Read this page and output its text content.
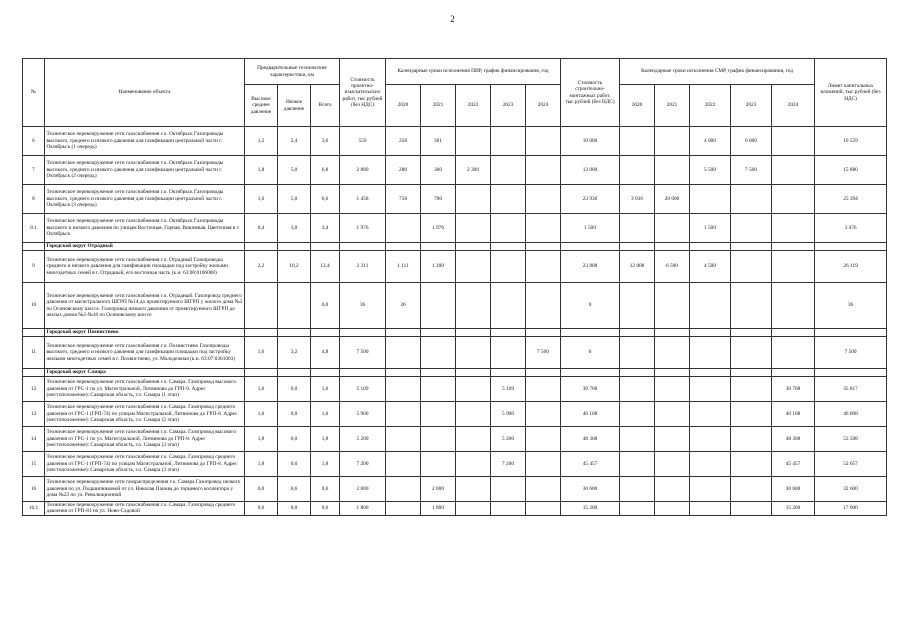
2
№	Наименование объекта	Предварительные технические характеристики, км			Стоимость проектно-изыскательских работ, тыс.рублей (без НДС)	Календарные сроки исполнения ПИР, график финансирования, год					Стоимость строительно-монтажных работ, тыс.рублей (без НДС)	Календарные сроки исполнения СМР, график финансирования, год					Лимит капитальных вложений, тыс.рублей (без НДС)
		Высокое среднее давление	Низкое давление	Всего		2020	2021	2022	2023	2024		2020	2021	2022	2023	2024	
6	Техническое перевооружение сети газоснабжения г.о. Октябрьск Газопроводы высокого, среднего и низкого давления для газификации центральной части г. Октябрьск (1 очередь)	1,2	2,4	3,6	559	258	301				10 000			4 000	6 000		10 559
7	Техническое перевооружение сети газоснабжения г.о. Октябрьск Газопроводы высокого, среднего и низкого давления для газификации центральной части г. Октябрьск (2 очередь)	1,8	5,0	6,8	2 880	280	300	2 300			13 000			5 500	7 500		15 880
8	Техническое перевооружение сети газоснабжения г.о. Октябрьск Газопроводы высокого, среднего и низкого давления для газификации центральной части г. Октябрьск (3 очередь)	1,6	5,0	6,6	1 458	758	700				23 936	3 936	20 000				25 394
8.1	Техническое перевооружение сети газоснабжения г.о. Октябрьск Газопроводы высокого и низкого давления по улицам Восточная, Горная, Вишневая, Цветочная в г. Октябрьск	0,4	3,0	3,4	1 976		1 976				1 500			1 500			3 476
	Городской округ Отрадный																
9	Техническое перевооружение сети газоснабжения г.о. Отрадный Газопроводы среднего и низкого давления для газификации площадки под застройку жилыми многодетных семей в г. Отрадный, его восточная часть (к.н. 63:06:0106008)	2,2	10,2	12,4	2 311	1 111	1 200				23 808	12 808	6 500	4 500			26 119
10	Техническое перевооружение сети газоснабжения г.о. Отрадный. Газопровод среднего давления от магистрального ШГРП №14 до проектируемого ШГРП у жилого дома №3 по Осиновскому шоссе. Газопровод низкого давления от проектируемого ШГРП до жилых домов №2-№18 по Осиновскому шоссе			0,0	36	36					0						36
	Городской округ Похвистнево																
11	Техническое перевооружение сети газоснабжения г.о. Похвистнево Газопроводы высокого, среднего и низкого давления для газификации площадки под застройку жилыми многодетных семей в г. Похвистнево, ул. Молодежная (к.н. 63:07:0301003)	1,6	3,2	4,8	7 500					7 500	0						7 500
	Городской округ Самара																
12	Техническое перевооружение сети газоснабжения г.о. Самара. Газопровод высокого давления от ГРС-1 по ул. Магистральной, Литвинова до ГРП-9. Адрес (местоположение): Самарская область, г.о. Самара (1 этап)	1,6	0,0	1,6	5 109				5 109		30 708					30 708	35 817
13	Техническое перевооружение сети газоснабжения г.о. Самара. Газопровод среднего давления от ГРС-1 (ГРП-74) по улицам Магистральной, Литвинова до ГРП-8. Адрес (местоположение): Самарская область, г.о. Самара (2 этап)	1,6	0,0	1,6	5 900				5 900		40 108					40 108	46 008
14	Техническое перевооружение сети газоснабжения г.о. Самара. Газопровод высокого давления от ГРС-1 по ул. Магистральной, Литвинова до ГРП-8. Адрес (местоположение): Самарская область, г.о. Самара (3 этап)	1,8	0,0	1,8	5 200				5 200		48 308					48 308	53 508
15	Техническое перевооружение сети газоснабжения г.о. Самара. Газопровод среднего давления от ГРС-1 (ГРП-74) по улицам Магистральной, Литвинова до ГРП-8. Адрес (местоположение): Самарская область, г.о. Самара (3 этап)	1,8	0,0	1,8	7 200				7 200		45 457					45 457	52 657
16	Техническое перевооружение сети газораспределения г.о. Самара Газопровод низкого давления по ул. Подшипниковой от ул. Николая Панова до торцевого коллектора у дома №23 по ул. Революционной	0,0	0,6	0,6	2 000		2 000				30 600					30 600	32 600
16.1	Техническое перевооружение сети газоснабжения г.о. Самара. Газопровод среднего давления от ГРП-81 по ул. Ново-Садовой	0,6	0,0	0,6	1 800		1 800				15 200					15 200	17 000
